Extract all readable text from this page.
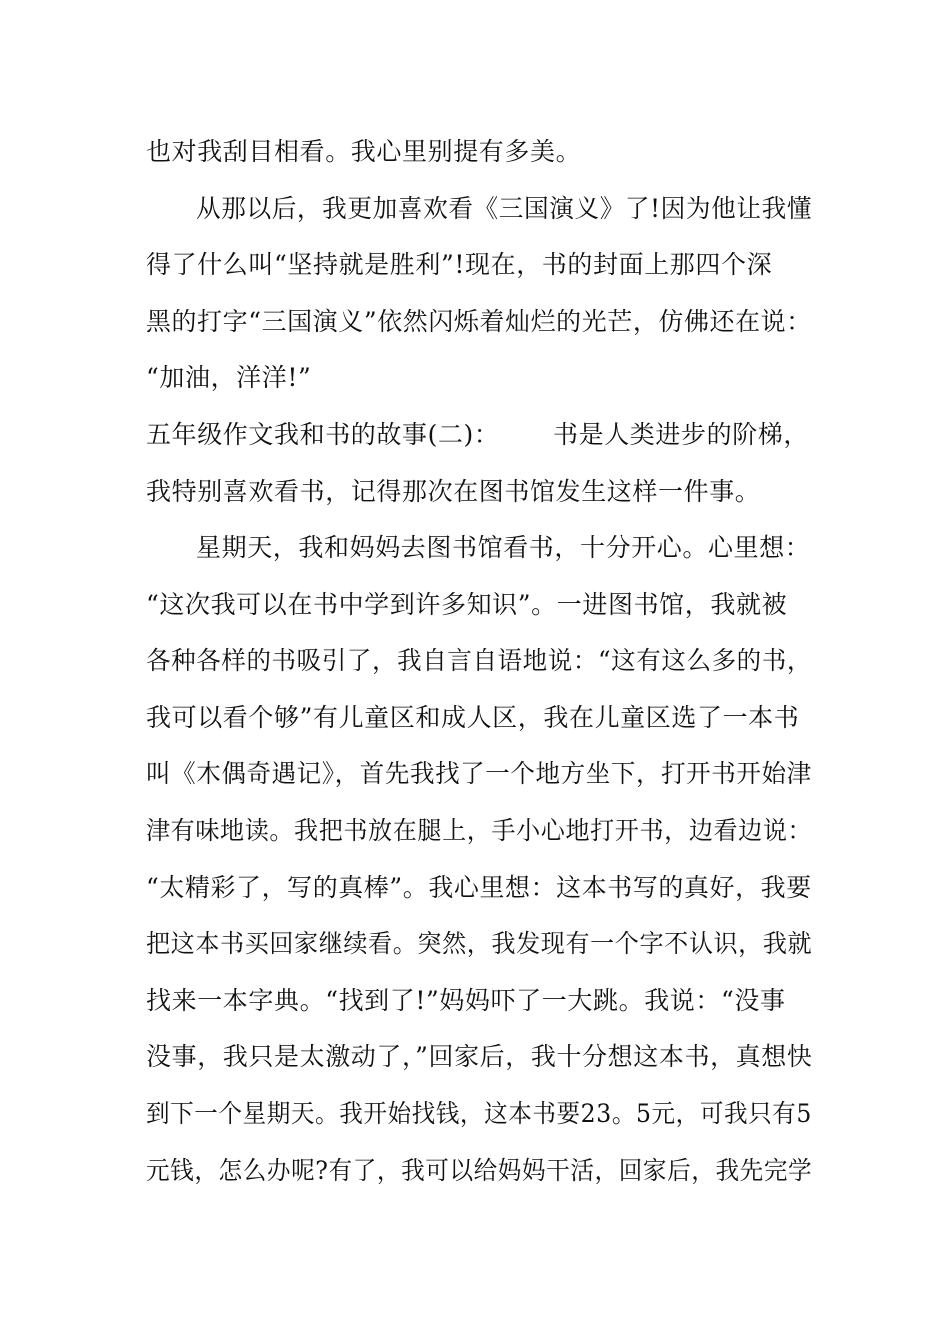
也对我刮目相看。我心里别提有多美。
从那以后，我更加喜欢看《三国演义》了!因为他让我懂
得了什么叫“坚持就是胜利”!现在，书的封面上那四个深
黑的打字“三国演义”依然闪烁着灿烂的光芒，仿佛还在说：
“加油，洋洋!”
五年级作文我和书的故事(二)： 书是人类进步的阶梯，
我特别喜欢看书，记得那次在图书馆发生这样一件事。
星期天，我和妈妈去图书馆看书，十分开心。心里想：
“这次我可以在书中学到许多知识”。一进图书馆，我就被
各种各样的书吸引了，我自言自语地说：“这有这么多的书，
我可以看个够”有儿童区和成人区，我在儿童区选了一本书
叫《木偶奇遇记》，首先我找了一个地方坐下，打开书开始津
津有味地读。我把书放在腿上，手小心地打开书，边看边说：
“太精彩了，写的真棒”。我心里想：这本书写的真好，我要
把这本书买回家继续看。突然，我发现有一个字不认识，我就
找来一本字典。“找到了!”妈妈吓了一大跳。我说：“没事
没事，我只是太激动了，”回家后，我十分想这本书，真想快
到下一个星期天。我开始找钱，这本书要23。5元，可我只有5
元钱，怎么办呢?有了，我可以给妈妈干活，回家后，我先完学
